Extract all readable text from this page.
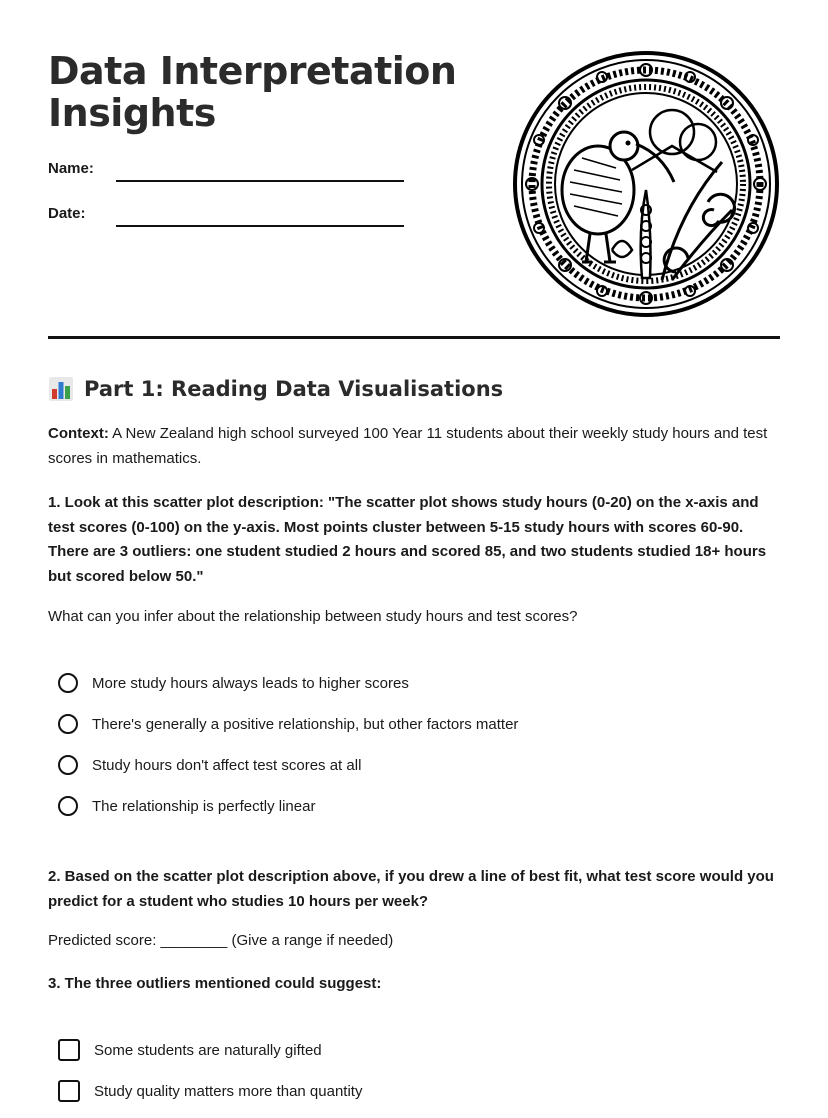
Data Interpretation
Insights
Name:
Date:
Part 1: Reading Data Visualisations

Context: A New Zealand high school surveyed 100 Year 11 students about their weekly study hours and test scores in mathematics.

1. Look at this scatter plot description: "The scatter plot shows study hours (0-20) on the x-axis and test scores (0-100) on the y-axis. Most points cluster between 5-15 study hours with scores 60-90. There are 3 outliers: one student studied 2 hours and scored 85, and two students studied 18+ hours but scored below 50."

What can you infer about the relationship between study hours and test scores?

More study hours always leads to higher scores
There's generally a positive relationship, but other factors matter
Study hours don't affect test scores at all
The relationship is perfectly linear

2. Based on the scatter plot description above, if you drew a line of best fit, what test score would you predict for a student who studies 10 hours per week?

Predicted score: ________ (Give a range if needed)

3. The three outliers mentioned could suggest:

Some students are naturally gifted
Study quality matters more than quantity
